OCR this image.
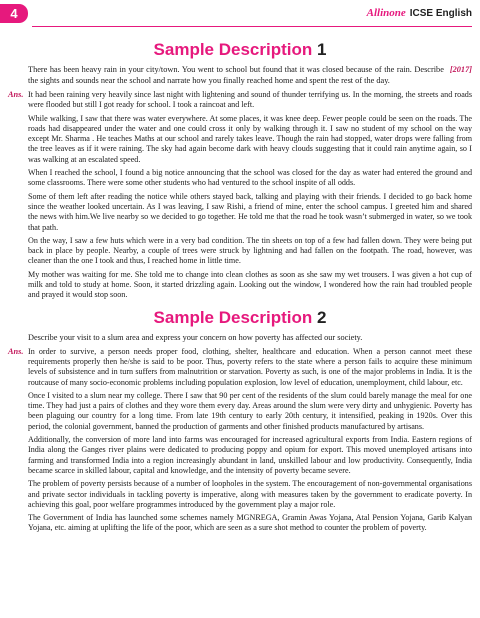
4	Allinone ICSE English
Sample Description 1

[2017]
There has been heavy rain in your city/town. You went to school but found that it was closed because of the rain. Describe the sights and sounds near the school and narrate how you finally reached home and spent the rest of the day.

Ans. It had been raining very heavily since last night with lightening and sound of thunder terrifying us. In the morning, the streets and roads were flooded but still I got ready for school. I took a raincoat and left.

While walking, I saw that there was water everywhere. At some places, it was knee deep. Fewer people could be seen on the roads. The roads had disappeared under the water and one could cross it only by walking through it. I saw no student of my school on the way except Mr. Sharma . He teaches Maths at our school and rarely takes leave. Though the rain had stopped, water drops were falling from the tree leaves as if it were raining. The sky had again become dark with heavy clouds suggesting that it could rain anytime again, so I was walking at an escalated speed.

When I reached the school, I found a big notice announcing that the school was closed for the day as water had entered the ground and some classrooms. There were some other students who had ventured to the school inspite of all odds.

Some of them left after reading the notice while others stayed back, talking and playing with their friends. I decided to go back home since the weather looked uncertain. As I was leaving, I saw Rishi, a friend of mine, enter the school campus. I greeted him and shared the news with him.We live nearby so we decided to go together. He told me that the road he took wasn’t submerged in water, so we took that path.

On the way, I saw a few huts which were in a very bad condition. The tin sheets on top of a few had fallen down. They were being put back in place by people. Nearby, a couple of trees were struck by lightning and had fallen on the footpath. The road, however, was cleaner than the one I took and thus, I reached home in little time.

My mother was waiting for me. She told me to change into clean clothes as soon as she saw my wet trousers. I was given a hot cup of milk and told to study at home. Soon, it started drizzling again. Looking out the window, I wondered how the rain had troubled people and prayed it would stop soon.

Sample Description 2

Describe your visit to a slum area and express your concern on how poverty has affected our society.

Ans. In order to survive, a person needs proper food, clothing, shelter, healthcare and education. When a person cannot meet these requirements properly then he/she is said to be poor. Thus, poverty refers to the state where a person fails to acquire these minimum levels of subsistence and in turn suffers from malnutrition or starvation. Poverty as such, is one of the major problems in India. It is the routcause of many socio-economic problems including population explosion, low level of education, unemployment, child labour, etc.

Once I visited to a slum near my college. There I saw that 90 per cent of the residents of the slum could barely manage the meal for one time. They had just a pairs of clothes and they wore them every day. Areas around the slum were very dirty and unhygienic. Poverty has been plaguing our country for a long time. From late 19th century to early 20th century, it intensified, peaking in 1920s. Over this period, the colonial government, banned the production of garments and other finished products manufactured by artisans.

Additionally, the conversion of more land into farms was encouraged for increased agricultural exports from India. Eastern regions of India along the Ganges river plains were dedicated to producing poppy and opium for export. This moved unemployed artisans into farming and transformed India into a region increasingly abundant in land, unskilled labour and low productivity. Consequently, India became scarce in skilled labour, capital and knowledge, and the intensity of poverty became severe.

The problem of poverty persists because of a number of loopholes in the system. The encouragement of non-governmental organisations and private sector individuals in tackling poverty is imperative, along with measures taken by the government to eradicate poverty. In achieving this goal, poor welfare programmes introduced by the government play a major role.

The Government of India has launched some schemes namely MGNREGA, Gramin Awas Yojana, Atal Pension Yojana, Garib Kalyan Yojana, etc. aiming at uplifting the life of the poor, which are seen as a sure shot method to counter the problem of poverty.
